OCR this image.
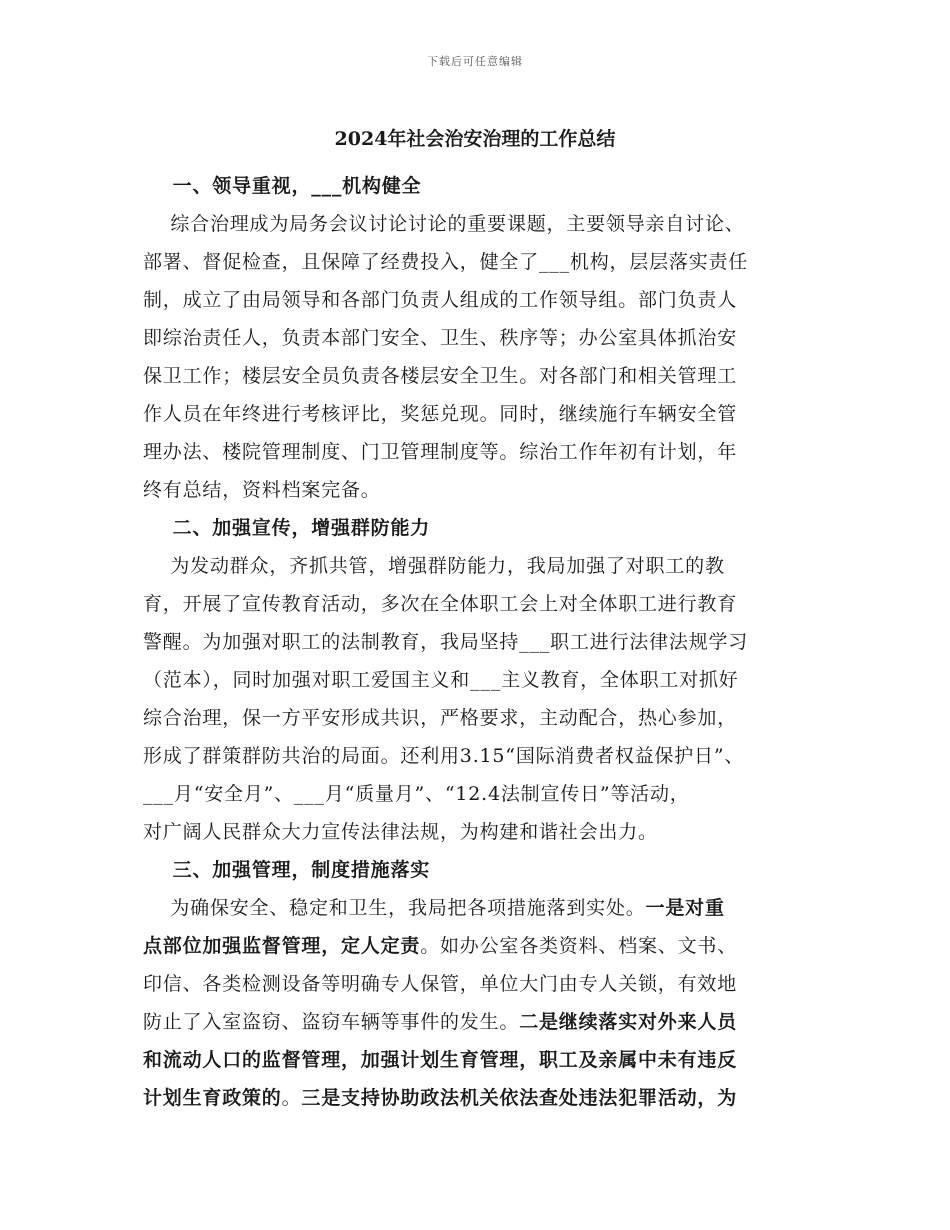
下载后可任意编辑
2024年社会治安治理的工作总结
一、领导重视，___机构健全
综合治理成为局务会议讨论讨论的重要课题，主要领导亲自讨论、
部署、督促检查，且保障了经费投入，健全了___机构，层层落实责任
制，成立了由局领导和各部门负责人组成的工作领导组。部门负责人
即综治责任人，负责本部门安全、卫生、秩序等；办公室具体抓治安
保卫工作；楼层安全员负责各楼层安全卫生。对各部门和相关管理工
作人员在年终进行考核评比，奖惩兑现。同时，继续施行车辆安全管
理办法、楼院管理制度、门卫管理制度等。综治工作年初有计划，年
终有总结，资料档案完备。
二、加强宣传，增强群防能力
为发动群众，齐抓共管，增强群防能力，我局加强了对职工的教
育，开展了宣传教育活动，多次在全体职工会上对全体职工进行教育
警醒。为加强对职工的法制教育，我局坚持___职工进行法律法规学习
（范本），同时加强对职工爱国主义和___主义教育，全体职工对抓好
综合治理，保一方平安形成共识，严格要求，主动配合，热心参加，
形成了群策群防共治的局面。还利用3.15“国际消费者权益保护日”、
___月“安全月”、___月“质量月”、“12.4法制宣传日”等活动，
对广阔人民群众大力宣传法律法规，为构建和谐社会出力。
三、加强管理，制度措施落实
为确保安全、稳定和卫生，我局把各项措施落到实处。一是对重
点部位加强监督管理，定人定责。如办公室各类资料、档案、文书、
印信、各类检测设备等明确专人保管，单位大门由专人关锁，有效地
防止了入室盗窃、盗窃车辆等事件的发生。二是继续落实对外来人员
和流动人口的监督管理，加强计划生育管理，职工及亲属中未有违反
计划生育政策的。三是支持协助政法机关依法查处违法犯罪活动，为
